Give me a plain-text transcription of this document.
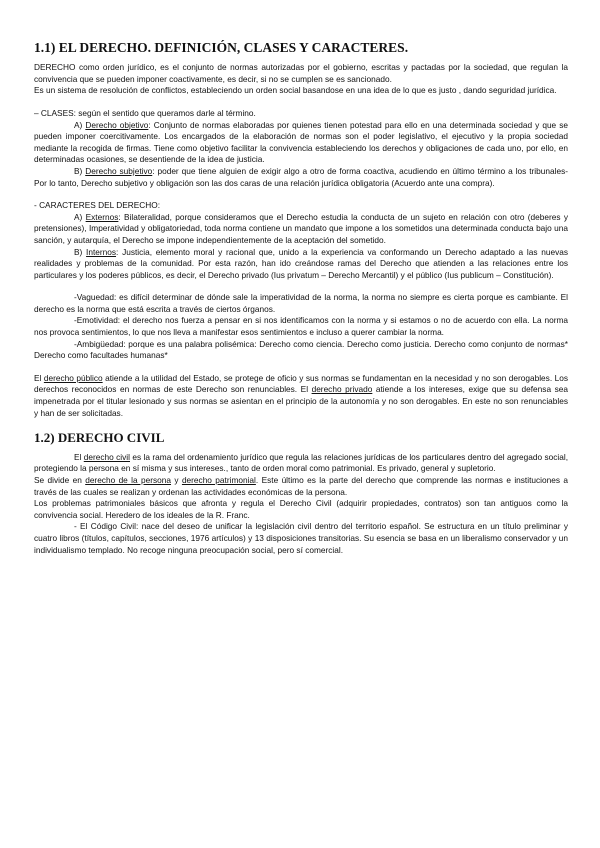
1.1) EL DERECHO. DEFINICIÓN, CLASES Y CARACTERES.

DERECHO como orden jurídico, es el conjunto de normas autorizadas por el gobierno, escritas y pactadas por la sociedad, que regulan la convivencia que se pueden imponer coactivamente, es decir, si no se cumplen se es sancionado.

Es un sistema de resolución de conflictos, estableciendo un orden social basandose en una idea de lo que es justo , dando seguridad jurídica.

– CLASES: según el sentido que queramos darle al término.

A) Derecho objetivo: Conjunto de normas elaboradas por quienes tienen potestad para ello en una determinada sociedad y que se pueden imponer coercitivamente. Los encargados de la elaboración de normas son el poder legislativo, el ejecutivo y la propia sociedad mediante la recogida de firmas. Tiene como objetivo facilitar la convivencia estableciendo los derechos y obligaciones de cada uno, por ello, en determinadas ocasiones, se desentiende de la idea de justicia.

B) Derecho subjetivo: poder que tiene alguien de exigir algo a otro de forma coactiva, acudiendo en último término a los tribunales- Por lo tanto, Derecho subjetivo y obligación son las dos caras de una relación jurídica obligatoria (Acuerdo ante una compra).

- CARACTERES DEL DERECHO:

A) Externos: Bilateralidad, porque consideramos que el Derecho estudia la conducta de un sujeto en relación con otro (deberes y pretensiones), Imperatividad y obligatoriedad, toda norma contiene un mandato que impone a los sometidos una determinada conducta bajo una sanción, y autarquía, el Derecho se impone independientemente de la aceptación del sometido.

B) Internos: Justicia, elemento moral y racional que, unido a la experiencia va conformando un Derecho adaptado a las nuevas realidades y problemas de la comunidad. Por esta razón, han ido creándose ramas del Derecho que atienden a las relaciones entre los particulares y los poderes públicos, es decir, el Derecho privado (Ius privatum – Derecho Mercantil) y el público (Ius publicum – Constitución).

-Vaguedad: es difícil determinar de dónde sale la imperatividad de la norma, la norma no siempre es cierta porque es cambiante. El derecho es la norma que está escrita a través de ciertos órganos.

-Emotividad: el derecho nos fuerza a pensar en si nos identificamos con la norma y si estamos o no de acuerdo con ella. La norma nos provoca sentimientos, lo que nos lleva a manifestar esos sentimientos e incluso a querer cambiar la norma.

-Ambigüedad: porque es una palabra polisémica: Derecho como ciencia. Derecho como justicia. Derecho como conjunto de normas* Derecho como facultades humanas*

El derecho público atiende a la utilidad del Estado, se protege de oficio y sus normas se fundamentan en la necesidad y no son derogables. Los derechos reconocidos en normas de este Derecho son renunciables. El derecho privado atiende a los intereses, exige que su defensa sea impenetrada por el titular lesionado y sus normas se asientan en el principio de la autonomía y no son derogables. En este no son renunciables y han de ser solicitadas.

1.2) DERECHO CIVIL

El derecho civil es la rama del ordenamiento jurídico que regula las relaciones jurídicas de los particulares dentro del agregado social, protegiendo la persona en sí misma y sus intereses., tanto de orden moral como patrimonial. Es privado, general y supletorio.

Se divide en derecho de la persona y derecho patrimonial. Este último es la parte del derecho que comprende las normas e instituciones a través de las cuales se realizan y ordenan las actividades económicas de la persona.

Los problemas patrimoniales básicos que afronta y regula el Derecho Civil (adquirir propiedades, contratos) son tan antiguos como la convivencia social. Heredero de los ideales de la R. Franc.

- El Código Civil: nace del deseo de unificar la legislación civil dentro del territorio español. Se estructura en un título preliminar y cuatro libros (títulos, capítulos, secciones, 1976 artículos) y 13 disposiciones transitorias. Su esencia se basa en un liberalismo conservador y un individualismo templado. No recoge ninguna preocupación social, pero sí comercial.
